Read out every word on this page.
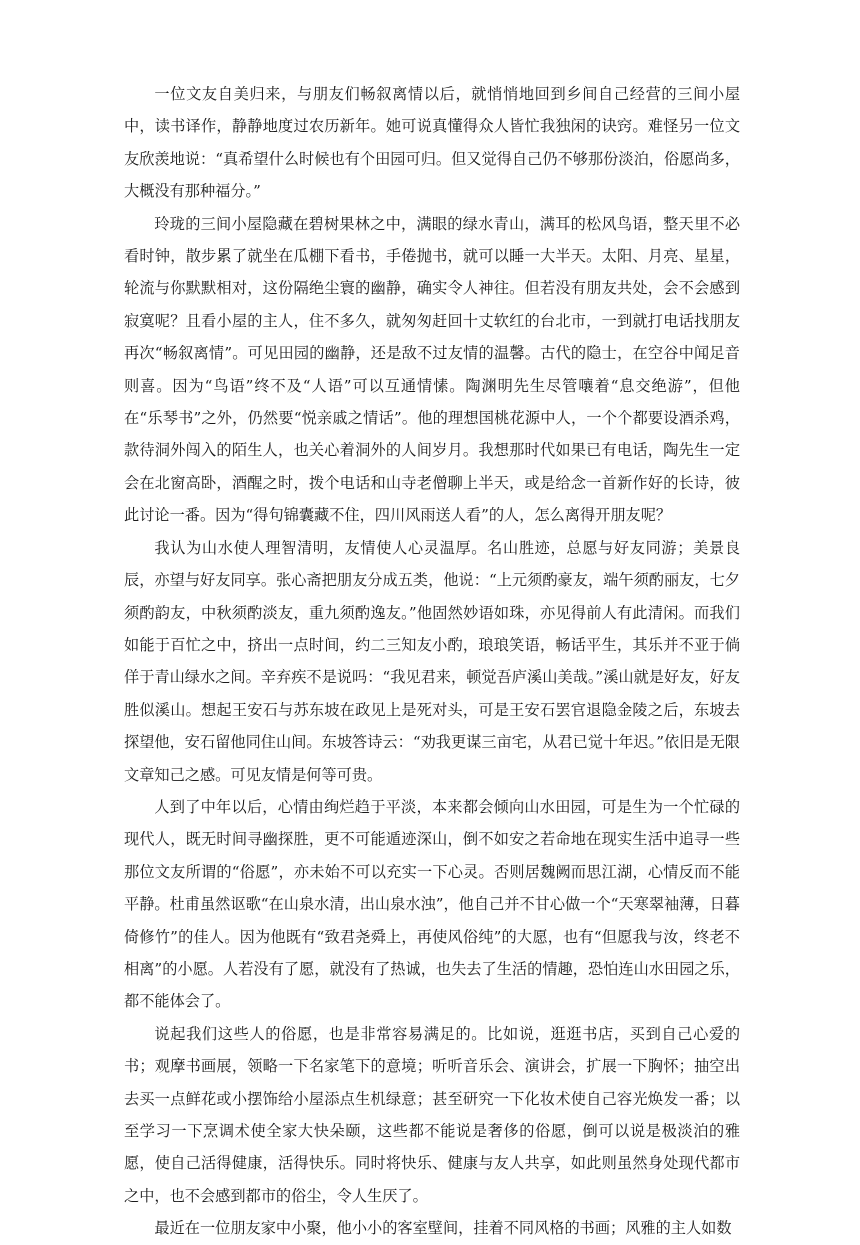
一位文友自美归来，与朋友们畅叙离情以后，就悄悄地回到乡间自己经营的三间小屋中，读书译作，静静地度过农历新年。她可说真懂得众人皆忙我独闲的诀窍。难怪另一位文友欣羡地说：“真希望什么时候也有个田园可归。但又觉得自己仍不够那份淡泊，俗愿尚多，大概没有那种福分。”

玲珑的三间小屋隐藏在碧树果林之中，满眼的绿水青山，满耳的松风鸟语，整天里不必看时钟，散步累了就坐在瓜棚下看书，手倦抛书，就可以睡一大半天。太阳、月亮、星星，轮流与你默默相对，这份隔绝尘寰的幽静，确实令人神往。但若没有朋友共处，会不会感到寂寞呢？且看小屋的主人，住不多久，就匆匆赶回十丈软红的台北市，一到就打电话找朋友再次“畅叙离情”。可见田园的幽静，还是敌不过友情的温馨。古代的隐士，在空谷中闻足音则喜。因为“鸟语”终不及“人语”可以互通情愫。陶渊明先生尽管嚷着“息交绝游”，但他在“乐琴书”之外，仍然要“悦亲戚之情话”。他的理想国桃花源中人，一个个都要设酒杀鸡，款待洞外闯入的陌生人，也关心着洞外的人间岁月。我想那时代如果已有电话，陶先生一定会在北窗高卧，酒醒之时，拨个电话和山寺老僧聊上半天，或是给念一首新作好的长诗，彼此讨论一番。因为“得句锦囊藏不住，四川风雨送人看”的人，怎么离得开朋友呢？

我认为山水使人理智清明，友情使人心灵温厚。名山胜迹，总愿与好友同游；美景良辰，亦望与好友同享。张心斋把朋友分成五类，他说：“上元须酌豪友，端午须酌丽友，七夕须酌韵友，中秋须酌淡友，重九须酌逸友。”他固然妙语如珠，亦见得前人有此清闲。而我们如能于百忙之中，挤出一点时间，约二三知友小酌，琅琅笑语，畅话平生，其乐并不亚于倘佯于青山绿水之间。辛弃疾不是说吗：“我见君来，顿觉吾庐溪山美哉。”溪山就是好友，好友胜似溪山。想起王安石与苏东坡在政见上是死对头，可是王安石罢官退隐金陵之后，东坡去探望他，安石留他同住山间。东坡答诗云：“劝我更谋三亩宅，从君已觉十年迟。”依旧是无限文章知己之感。可见友情是何等可贵。

人到了中年以后，心情由绚烂趋于平淡，本来都会倾向山水田园，可是生为一个忙碌的现代人，既无时间寻幽探胜，更不可能遁迹深山，倒不如安之若命地在现实生活中追寻一些那位文友所谓的“俗愿”，亦未始不可以充实一下心灵。否则居魏阙而思江湖，心情反而不能平静。杜甫虽然讴歌“在山泉水清，出山泉水浊”，他自己并不甘心做一个“天寒翠袖薄，日暮倚修竹”的佳人。因为他既有“致君尧舜上，再使风俗纯”的大愿，也有“但愿我与汝，终老不相离”的小愿。人若没有了愿，就没有了热诚，也失去了生活的情趣，恐怕连山水田园之乐，都不能体会了。

说起我们这些人的俗愿，也是非常容易满足的。比如说，逛逛书店，买到自己心爱的书；观摩书画展，领略一下名家笔下的意境；听听音乐会、演讲会，扩展一下胸怀；抽空出去买一点鲜花或小摆饰给小屋添点生机绿意；甚至研究一下化妆术使自己容光焕发一番；以至学习一下烹调术使全家大快朵颐，这些都不能说是奢侈的俗愿，倒可以说是极淡泊的雅愿，使自己活得健康，活得快乐。同时将快乐、健康与友人共享，如此则虽然身处现代都市之中，也不会感到都市的俗尘，令人生厌了。

最近在一位朋友家中小聚，他小小的客室壁间，挂着不同风格的书画；风雅的主人如数
